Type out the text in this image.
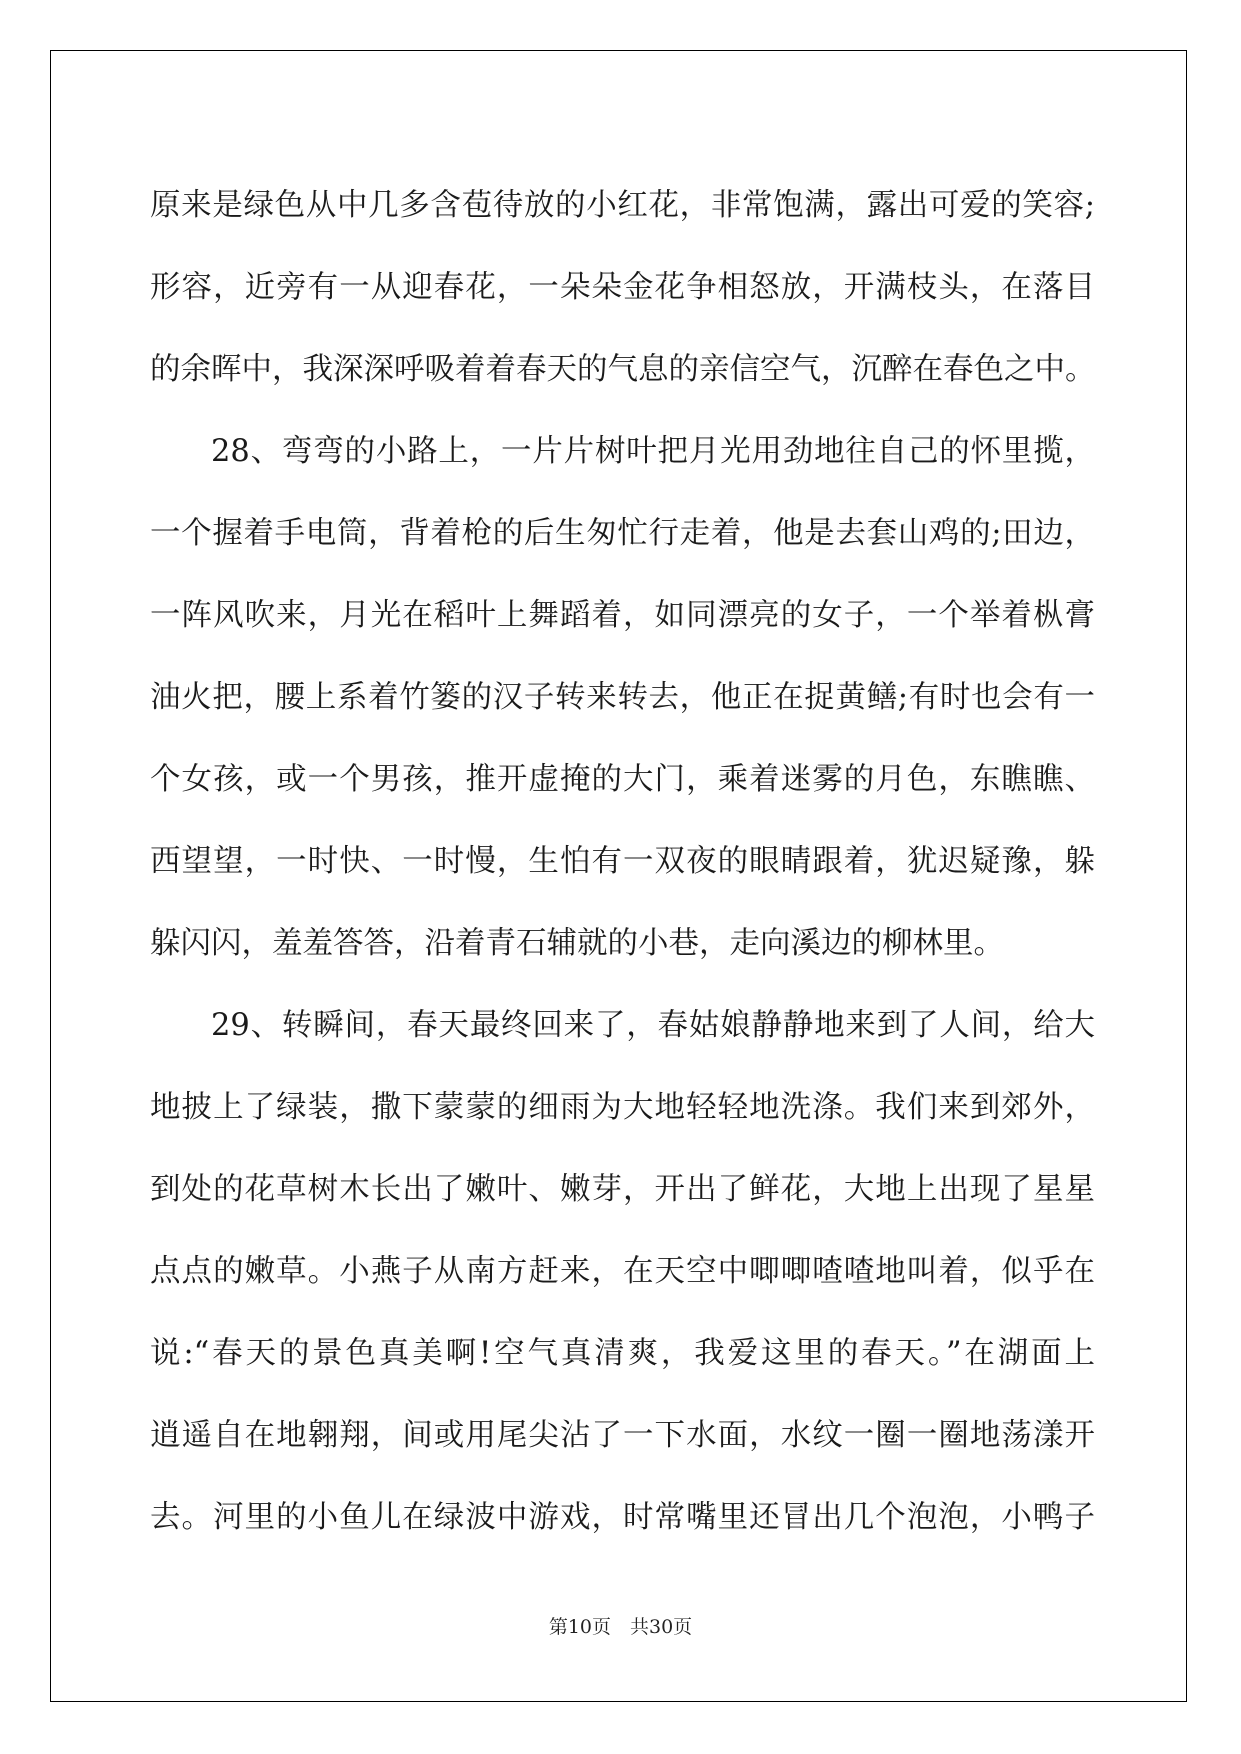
原来是绿色从中几多含苞待放的小红花，非常饱满，露出可爱的笑容;
形容，近旁有一从迎春花，一朵朵金花争相怒放，开满枝头，在落目
的余晖中，我深深呼吸着着春天的气息的亲信空气，沉醉在春色之中。
28、弯弯的小路上，一片片树叶把月光用劲地往自己的怀里揽，
一个握着手电筒，背着枪的后生匆忙行走着，他是去套山鸡的;田边，
一阵风吹来，月光在稻叶上舞蹈着，如同漂亮的女子，一个举着枞膏
油火把，腰上系着竹篓的汉子转来转去，他正在捉黄鳝;有时也会有一
个女孩，或一个男孩，推开虚掩的大门，乘着迷雾的月色，东瞧瞧、
西望望，一时快、一时慢，生怕有一双夜的眼睛跟着，犹迟疑豫，躲
躲闪闪，羞羞答答，沿着青石辅就的小巷，走向溪边的柳林里。
29、转瞬间，春天最终回来了，春姑娘静静地来到了人间，给大
地披上了绿装，撒下蒙蒙的细雨为大地轻轻地洗涤。我们来到郊外，
到处的花草树木长出了嫩叶、嫩芽，开出了鲜花，大地上出现了星星
点点的嫩草。小燕子从南方赶来，在天空中唧唧喳喳地叫着，似乎在
说:“春天的景色真美啊!空气真清爽，我爱这里的春天。”在湖面上
逍遥自在地翱翔，间或用尾尖沾了一下水面，水纹一圈一圈地荡漾开
去。河里的小鱼儿在绿波中游戏，时常嘴里还冒出几个泡泡，小鸭子
第10页　共30页
